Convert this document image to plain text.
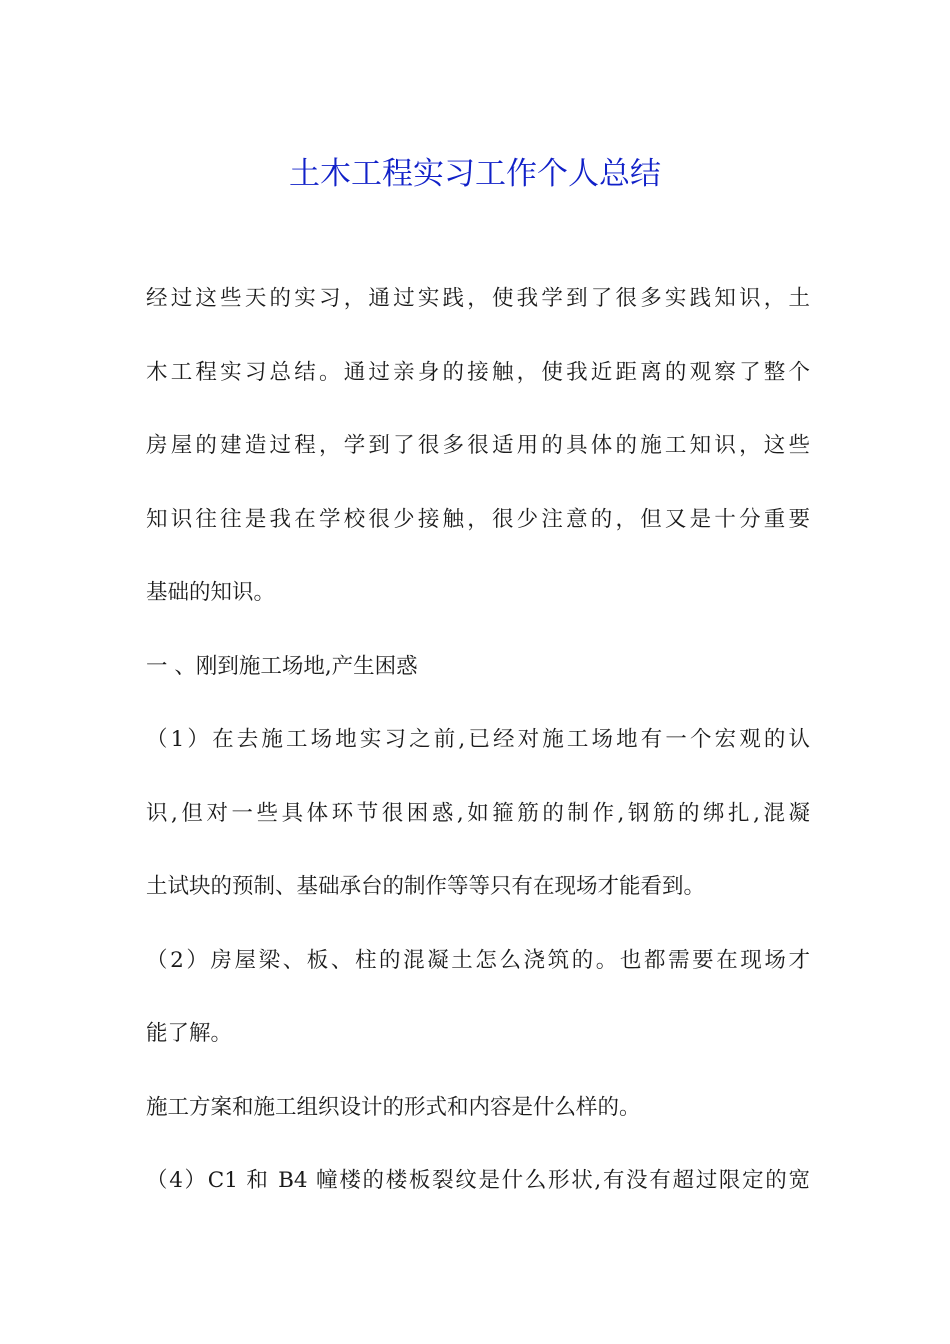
土木工程实习工作个人总结
经过这些天的实习，通过实践，使我学到了很多实践知识，土
木工程实习总结。通过亲身的接触，使我近距离的观察了整个
房屋的建造过程，学到了很多很适用的具体的施工知识，这些
知识往往是我在学校很少接触，很少注意的，但又是十分重要
基础的知识。
一 、刚到施工场地,产生困惑
（1）在去施工场地实习之前,已经对施工场地有一个宏观的认
识,但对一些具体环节很困惑,如箍筋的制作,钢筋的绑扎,混凝
土试块的预制、基础承台的制作等等只有在现场才能看到。
（2）房屋梁、板、柱的混凝土怎么浇筑的。也都需要在现场才
能了解。
施工方案和施工组织设计的形式和内容是什么样的。
（4）C1 和 B4 幢楼的楼板裂纹是什么形状,有没有超过限定的宽
